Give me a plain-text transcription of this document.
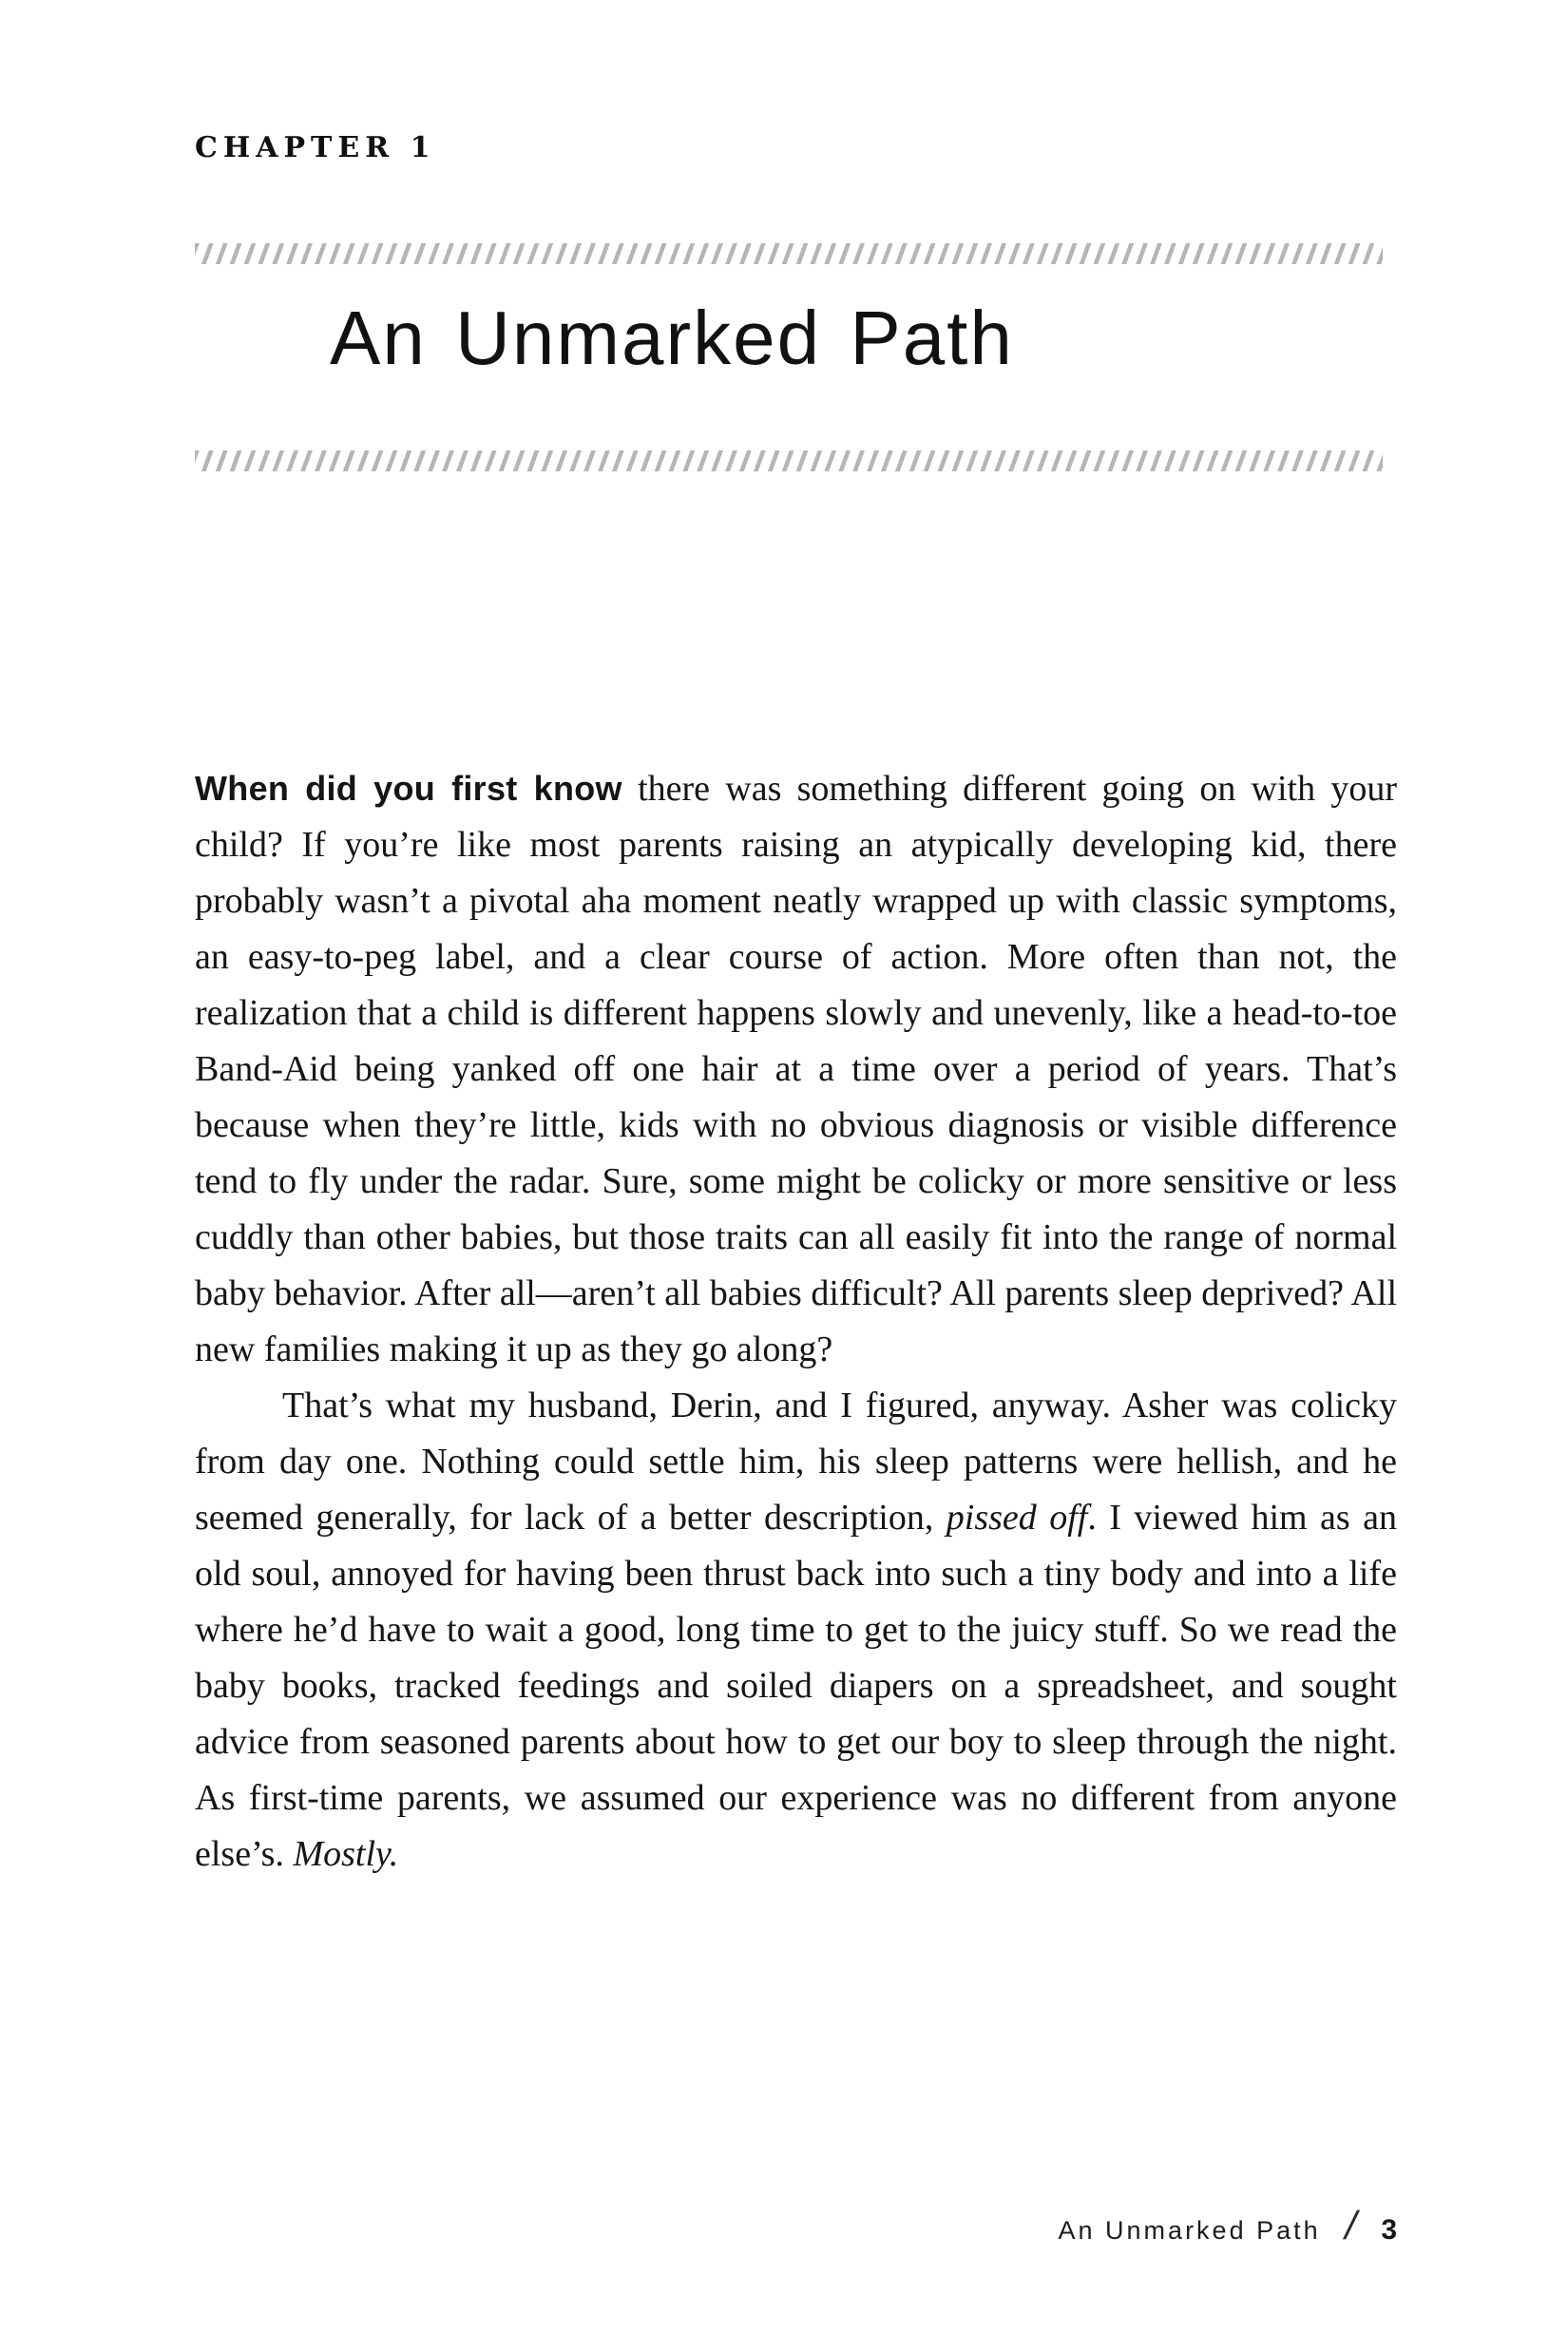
CHAPTER 1
An Unmarked Path

When did you first know there was something different going on with your child? If you’re like most parents raising an atypically developing kid, there probably wasn’t a pivotal aha moment neatly wrapped up with classic symptoms, an easy-to-peg label, and a clear course of action. More often than not, the realization that a child is different happens slowly and unevenly, like a head-to-toe Band-Aid being yanked off one hair at a time over a period of years. That’s because when they’re little, kids with no obvious diagnosis or visible difference tend to fly under the radar. Sure, some might be colicky or more sensitive or less cuddly than other babies, but those traits can all easily fit into the range of normal baby behavior. After all—aren’t all babies difficult? All parents sleep deprived? All new families making it up as they go along?

That’s what my husband, Derin, and I figured, anyway. Asher was colicky from day one. Nothing could settle him, his sleep patterns were hellish, and he seemed generally, for lack of a better description, pissed off. I viewed him as an old soul, annoyed for having been thrust back into such a tiny body and into a life where he’d have to wait a good, long time to get to the juicy stuff. So we read the baby books, tracked feedings and soiled diapers on a spreadsheet, and sought advice from seasoned parents about how to get our boy to sleep through the night. As first-time parents, we assumed our experience was no different from anyone else’s. Mostly.

An Unmarked Path / 3
